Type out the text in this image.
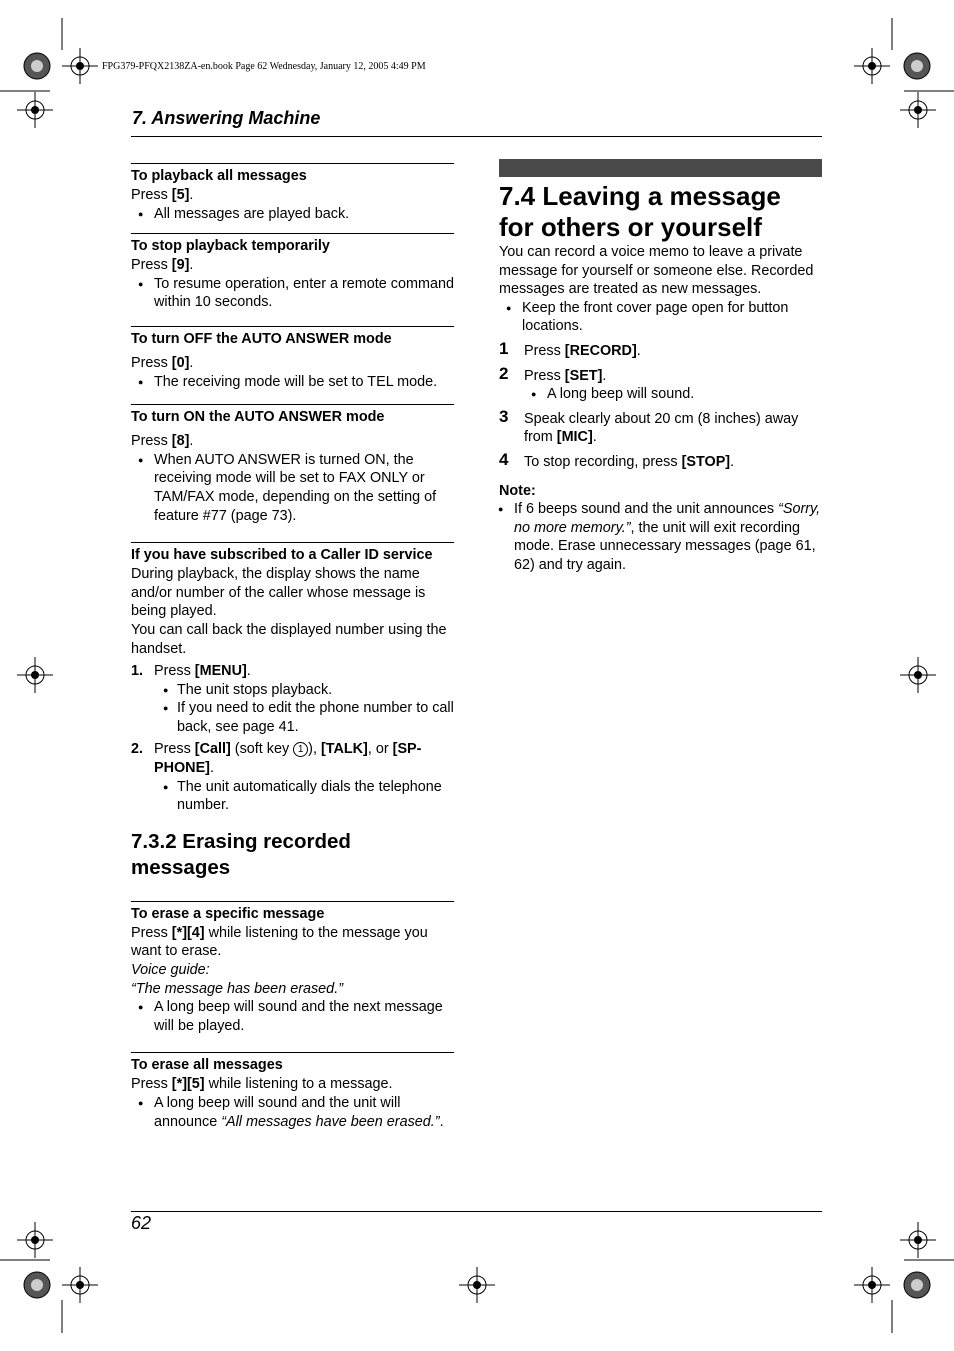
FPG379-PFQX2138ZA-en.book Page 62 Wednesday, January 12, 2005 4:49 PM
7. Answering Machine
To playback all messages

Press [5].

● All messages are played back.
To stop playback temporarily

Press [9].

● To resume operation, enter a remote command within 10 seconds.
To turn OFF the AUTO ANSWER mode

Press [0].

● The receiving mode will be set to TEL mode.
To turn ON the AUTO ANSWER mode

Press [8].

● When AUTO ANSWER is turned ON, the receiving mode will be set to FAX ONLY or TAM/FAX mode, depending on the setting of feature #77 (page 73).
If you have subscribed to a Caller ID service

During playback, the display shows the name and/or number of the caller whose message is being played.

You can call back the displayed number using the handset.

1. Press [MENU].
● The unit stops playback.
● If you need to edit the phone number to call back, see page 41.
2. Press [Call] (soft key 1 ), [TALK], or [SP-PHONE].
● The unit automatically dials the telephone number.
7.3.2 Erasing recorded messages
To erase a specific message

Press [*][4] while listening to the message you want to erase.

Voice guide:

“The message has been erased.”

● A long beep will sound and the next message will be played.
To erase all messages

Press [*][5] while listening to a message.

● A long beep will sound and the unit will announce “All messages have been erased.”.
7.4 Leaving a message for others or yourself

You can record a voice memo to leave a private message for yourself or someone else. Recorded messages are treated as new messages.

● Keep the front cover page open for button locations.
1 Press [RECORD].
2 Press [SET].
● A long beep will sound.
3 Speak clearly about 20 cm (8 inches) away from [MIC].
4 To stop recording, press [STOP].

Note:

● If 6 beeps sound and the unit announces “Sorry, no more memory.”, the unit will exit recording mode. Erase unnecessary messages (page 61, 62) and try again.
62
